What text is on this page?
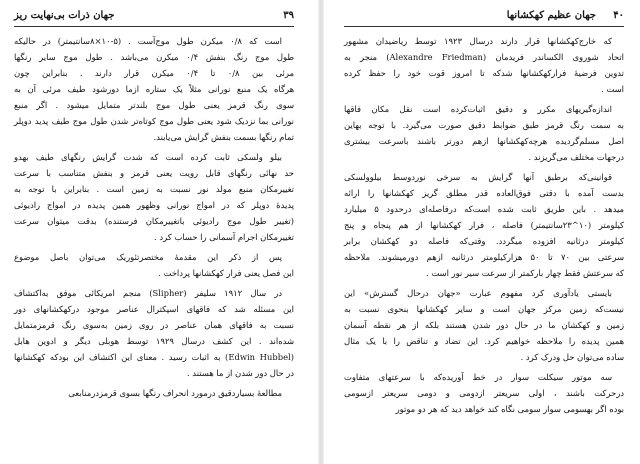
۳۹
جهان ذرات بی‌نهایت ریز
است که ۰/۸ میکرن طول موج‌آست . (۵-۱۰×۸سانتیمتر) در حالیکه
طول موج رنگ بنفش ۰/۴ میکرن می‌باشد . طول موج سایر رنگها
مرئی بین ۰/۸ تا ۰/۴ میکرن قرار دارند . بنابراین چون
هرگاه یک منبع نورانی مثلاً یک ستاره ازما دورشود طیف مرئی آن به
سوی رنگ قرمز یعنی طول موج بلندتر متمایل میشود . اگر منبع
نورانی بما نزدیک شود یعنی طول موج کوتاه‌تر شدن طول موج طیف پدید دوپلر
تمام رنگها بسمت بنفش گرایش می‌یابند.
بیلو ولسکی ثابت کرده است که شدت گرایش رنگهای طیف بهدو
حد نهائی رنگهای قابل رویت یعنی قرمز و بنفش متناسب با سرعت
تغییرمکان منبع مولد نور نسبت به زمین است . بنابراین با توجه به
پدیدهٔ دوپلر که در امواج نورانی وظهور همین پدیده در امواج رادیوئی
(تغییر طول موج رادیوئی باتغییرمکان فرستنده) بدقت میتوان سرعت
تغییرمکان اجرام آسمانی را حساب کرد .
پس از ذکر این مقدمهٔ مختصرتئوریک می‌توان باصل موضوع
این فصل یعنی فرار کهکشانها پرداخت .
در سال ۱۹۱۲ سلیفر (Slipher) منجم امریکائی موفق به‌اکتشاف
این مسئله شد که فاقهای اسپکترال عناصر موجود درکهکشانهای دور
نسبت به فاقهای همان عناصر در روی زمین به‌سوی رنگ قرمزمتمایل
شده‌اند . این کشف درسال ۱۹۲۹ توسط هوبلی دیگر و ادوین هابل
(Edwin Hubbel) به اثبات رسید . معنای این اکتشاف این بودکه کهکشانها
در حال دور شدن از ما هستند .
مطالعهٔ بسیاردقیق درمورد انحراف رنگها بسوی قرمزدرمنابعی
۴۰
جهان عظیم کهکشانها
که خارج‌کهکشانها قرار دارند درسال ۱۹۲۳ توسط ریاضیدان مشهور
اتحاد شوروی الکساندر فریدمان (Alexandre Friedman) منجر به
تدوین فرضیهٔ فرارکهکشانها شدکه تا امروز قوت خود را حفظ کرده
است .
اندازه‌گیریهای مکرر و دقیق اثبات‌کرده است نقل مکان فاقها
به سمت رنگ قرمز طبق ضوابط دقیق صورت می‌گیرد. با توجه بهاین
اصل مسلم‌گردیده هرچه‌کهکشانها ازهم دورتر باشند باسرعت بیشتری
درجهات مختلف می‌گریزند .
قوانینی‌که برطبق آنها گرایش به سرخی نوردوسط بیلوولسکی
بدست آمده با دقتی فوق‌العاده قدر مطلق گریز کهکشانها را ارائه
میدهد . باین طریق ثابت شده است‌که درفاصله‌ای درحدود ۵ میلیارد
کیلومتر (۱۰^۲۳سانتیمتر) فاصله ، فرار کهکشانها از هم پنجاه و پنج
کیلومتر درثانیه افزوده میگردد. وقتی‌که فاصله دو کهکشان برابر
سرعتی بین ۷۰ تا ۵۰ هزارکیلومتر درثانیه ازهم دورمیشوند. ملاحظه
که سرعتش فقط چهار بارکمتر از سرعت سیر نور است .
بایستی یادآوری کرد مفهوم عبارت «جهان درحال گسترش» این
نیست‌که زمین مرکز جهان است و سایر کهکشانها بنحوی نسبت به
زمین و کهکشان ما در حال دور شدن هستند بلکه از هر نقطه آسمان
همین پدیده را ملاحظه خواهیم کرد. این تضاد و تناقض را با یک مثال
ساده می‌توان حل ودرک کرد .
سه موتور سیکلت سوار در خط آوریده‌که با سرعتهای متفاوت
درحرکت باشند ، اولی سریعتر ازدومی و دومی سریعتر ازسومی
بوده اگر بهسومی سوار سومی نگاه کند خواهد دید که هر دو موتور
